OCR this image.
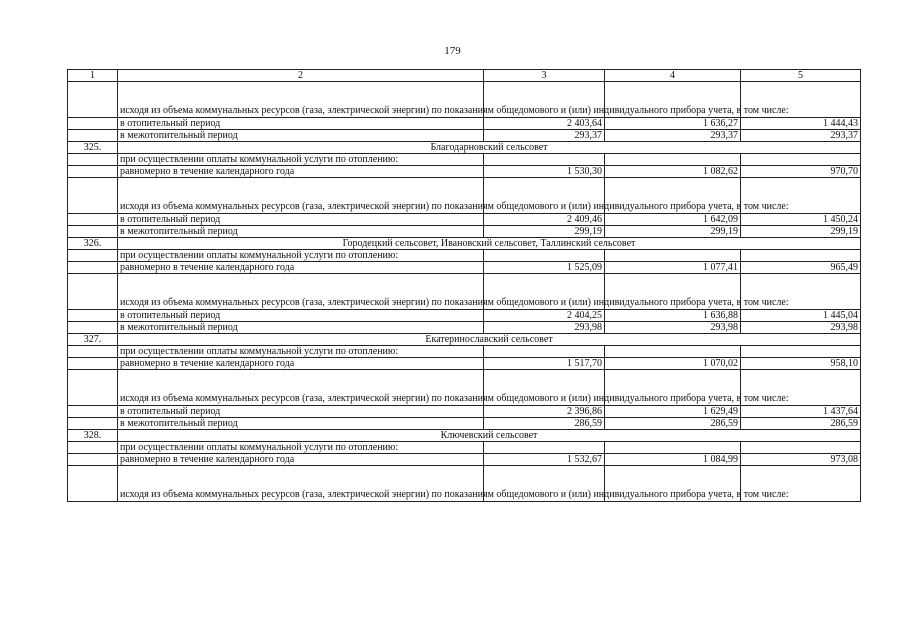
179
1	2	3	4	5
	исходя из объема коммунальных ресурсов (газа, электрической энергии) по показаниям общедомового и (или) индивидуального прибора учета, в том числе:			
	в отопительный период	2 403,64	1 636,27	1 444,43
	в межотопительный период	293,37	293,37	293,37
325.	Благодарновский сельсовет			
	при осуществлении оплаты коммунальной услуги по отоплению:			
	равномерно в течение календарного года	1 530,30	1 082,62	970,70
	исходя из объема коммунальных ресурсов (газа, электрической энергии) по показаниям общедомового и (или) индивидуального прибора учета, в том числе:			
	в отопительный период	2 409,46	1 642,09	1 450,24
	в межотопительный период	299,19	299,19	299,19
326.	Городецкий сельсовет, Ивановский сельсовет, Таллинский сельсовет			
	при осуществлении оплаты коммунальной услуги по отоплению:			
	равномерно в течение календарного года	1 525,09	1 077,41	965,49
	исходя из объема коммунальных ресурсов (газа, электрической энергии) по показаниям общедомового и (или) индивидуального прибора учета, в том числе:			
	в отопительный период	2 404,25	1 636,88	1 445,04
	в межотопительный период	293,98	293,98	293,98
327.	Екатеринославский сельсовет			
	при осуществлении оплаты коммунальной услуги по отоплению:			
	равномерно в течение календарного года	1 517,70	1 070,02	958,10
	исходя из объема коммунальных ресурсов (газа, электрической энергии) по показаниям общедомового и (или) индивидуального прибора учета, в том числе:			
	в отопительный период	2 396,86	1 629,49	1 437,64
	в межотопительный период	286,59	286,59	286,59
328.	Ключевский сельсовет			
	при осуществлении оплаты коммунальной услуги по отоплению:			
	равномерно в течение календарного года	1 532,67	1 084,99	973,08
	исходя из объема коммунальных ресурсов (газа, электрической энергии) по показаниям общедомового и (или) индивидуального прибора учета, в том числе:			
